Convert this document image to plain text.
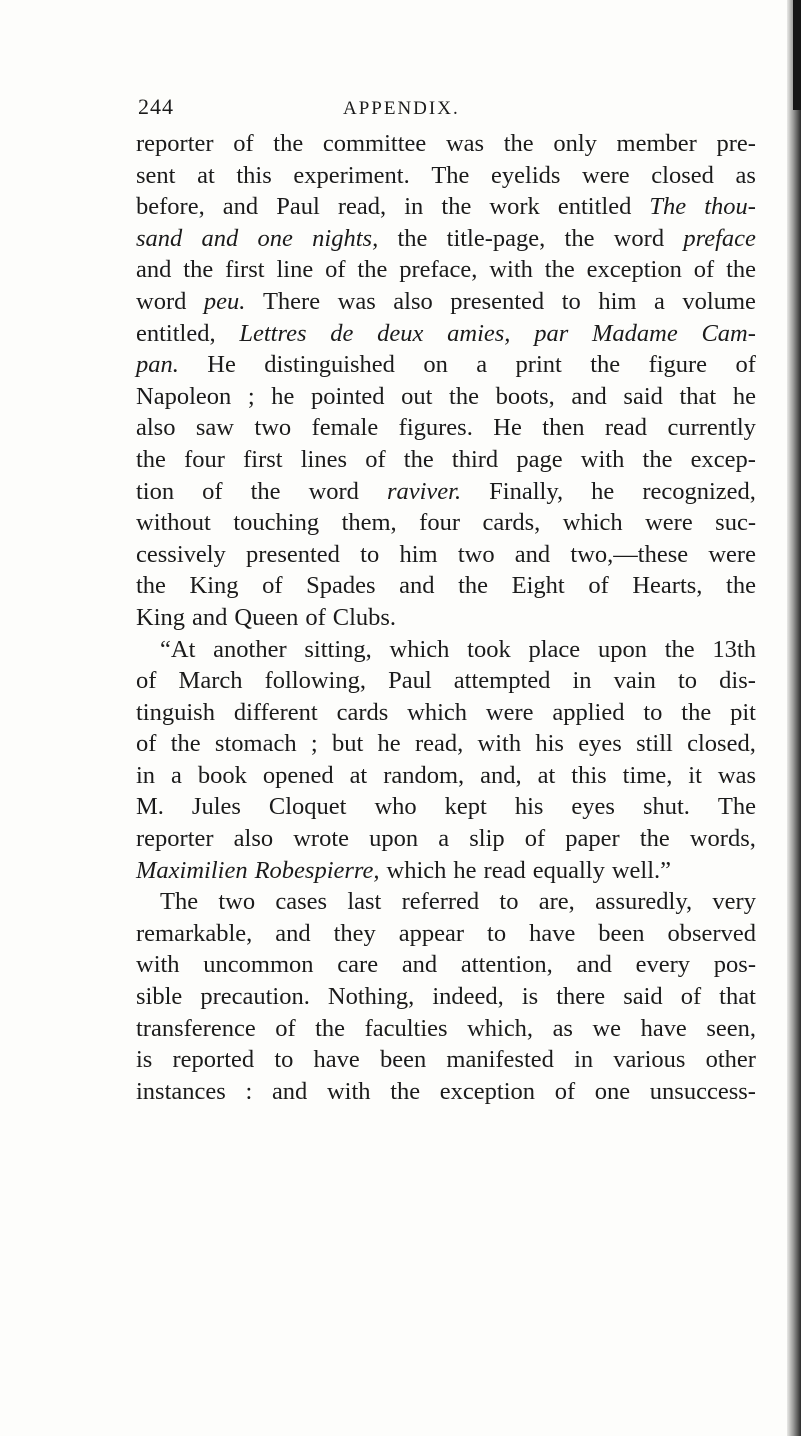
244	APPENDIX.
reporter of the committee was the only member pre-
sent at this experiment. The eyelids were closed as
before, and Paul read, in the work entitled The thou-
sand and one nights, the title-page, the word preface
and the first line of the preface, with the exception of the
word peu. There was also presented to him a volume
entitled, Lettres de deux amies, par Madame Cam-
pan. He distinguished on a print the figure of
Napoleon ; he pointed out the boots, and said that he
also saw two female figures. He then read currently
the four first lines of the third page with the excep-
tion of the word raviver. Finally, he recognized,
without touching them, four cards, which were suc-
cessively presented to him two and two,—these were
the King of Spades and the Eight of Hearts, the
King and Queen of Clubs.
“At another sitting, which took place upon the 13th
of March following, Paul attempted in vain to dis-
tinguish different cards which were applied to the pit
of the stomach ; but he read, with his eyes still closed,
in a book opened at random, and, at this time, it was
M. Jules Cloquet who kept his eyes shut. The
reporter also wrote upon a slip of paper the words,
Maximilien Robespierre, which he read equally well.”
The two cases last referred to are, assuredly, very
remarkable, and they appear to have been observed
with uncommon care and attention, and every pos-
sible precaution. Nothing, indeed, is there said of that
transference of the faculties which, as we have seen,
is reported to have been manifested in various other
instances : and with the exception of one unsuccess-
